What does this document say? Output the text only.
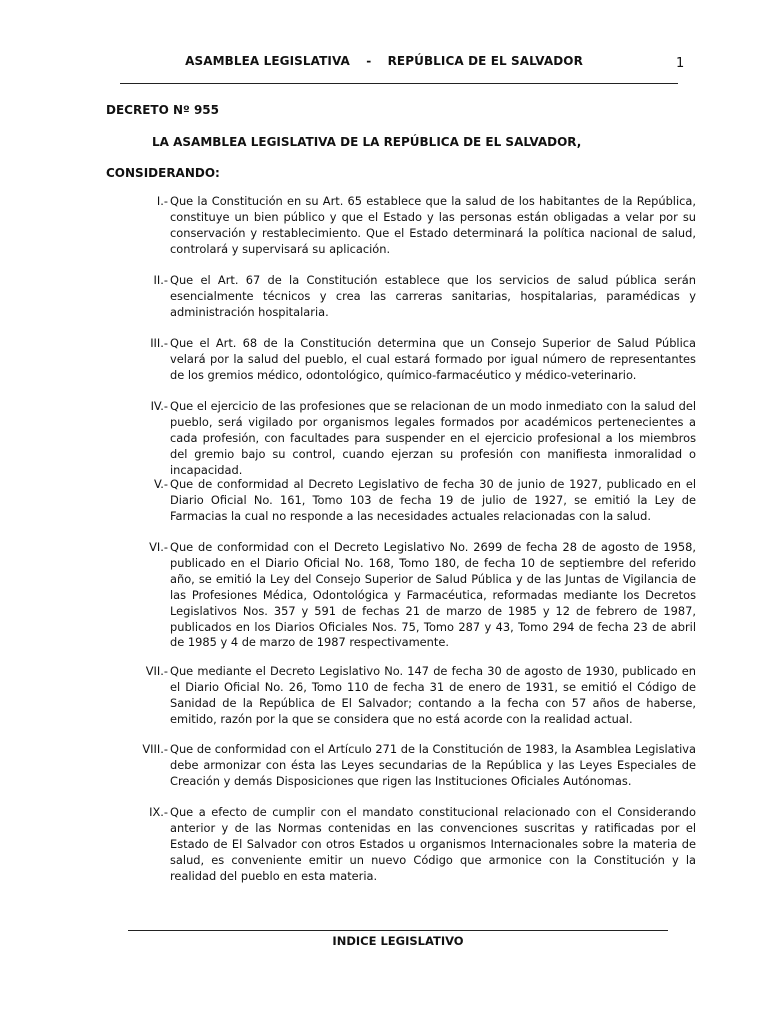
ASAMBLEA LEGISLATIVA - REPÚBLICA DE EL SALVADOR	1
DECRETO Nº 955
LA ASAMBLEA LEGISLATIVA DE LA REPÚBLICA DE EL SALVADOR,
CONSIDERANDO:
I.- Que la Constitución en su Art. 65 establece que la salud de los habitantes de la República, constituye un bien público y que el Estado y las personas están obligadas a velar por su conservación y restablecimiento. Que el Estado determinará la política nacional de salud, controlará y supervisará su aplicación.
II.- Que el Art. 67 de la Constitución establece que los servicios de salud pública serán esencialmente técnicos y crea las carreras sanitarias, hospitalarias, paramédicas y administración hospitalaria.
III.- Que el Art. 68 de la Constitución determina que un Consejo Superior de Salud Pública velará por la salud del pueblo, el cual estará formado por igual número de representantes de los gremios médico, odontológico, químico-farmacéutico y médico-veterinario.
IV.- Que el ejercicio de las profesiones que se relacionan de un modo inmediato con la salud del pueblo, será vigilado por organismos legales formados por académicos pertenecientes a cada profesión, con facultades para suspender en el ejercicio profesional a los miembros del gremio bajo su control, cuando ejerzan su profesión con manifiesta inmoralidad o incapacidad.
V.- Que de conformidad al Decreto Legislativo de fecha 30 de junio de 1927, publicado en el Diario Oficial No. 161, Tomo 103 de fecha 19 de julio de 1927, se emitió la Ley de Farmacias la cual no responde a las necesidades actuales relacionadas con la salud.
VI.- Que de conformidad con el Decreto Legislativo No. 2699 de fecha 28 de agosto de 1958, publicado en el Diario Oficial No. 168, Tomo 180, de fecha 10 de septiembre del referido año, se emitió la Ley del Consejo Superior de Salud Pública y de las Juntas de Vigilancia de las Profesiones Médica, Odontológica y Farmacéutica, reformadas mediante los Decretos Legislativos Nos. 357 y 591 de fechas 21 de marzo de 1985 y 12 de febrero de 1987, publicados en los Diarios Oficiales Nos. 75, Tomo 287 y 43, Tomo 294 de fecha 23 de abril de 1985 y 4 de marzo de 1987 respectivamente.
VII.- Que mediante el Decreto Legislativo No. 147 de fecha 30 de agosto de 1930, publicado en el Diario Oficial No. 26, Tomo 110 de fecha 31 de enero de 1931, se emitió el Código de Sanidad de la República de El Salvador; contando a la fecha con 57 años de haberse, emitido, razón por la que se considera que no está acorde con la realidad actual.
VIII.- Que de conformidad con el Artículo 271 de la Constitución de 1983, la Asamblea Legislativa debe armonizar con ésta las Leyes secundarias de la República y las Leyes Especiales de Creación y demás Disposiciones que rigen las Instituciones Oficiales Autónomas.
IX.- Que a efecto de cumplir con el mandato constitucional relacionado con el Considerando anterior y de las Normas contenidas en las convenciones suscritas y ratificadas por el Estado de El Salvador con otros Estados u organismos Internacionales sobre la materia de salud, es conveniente emitir un nuevo Código que armonice con la Constitución y la realidad del pueblo en esta materia.
INDICE LEGISLATIVO
